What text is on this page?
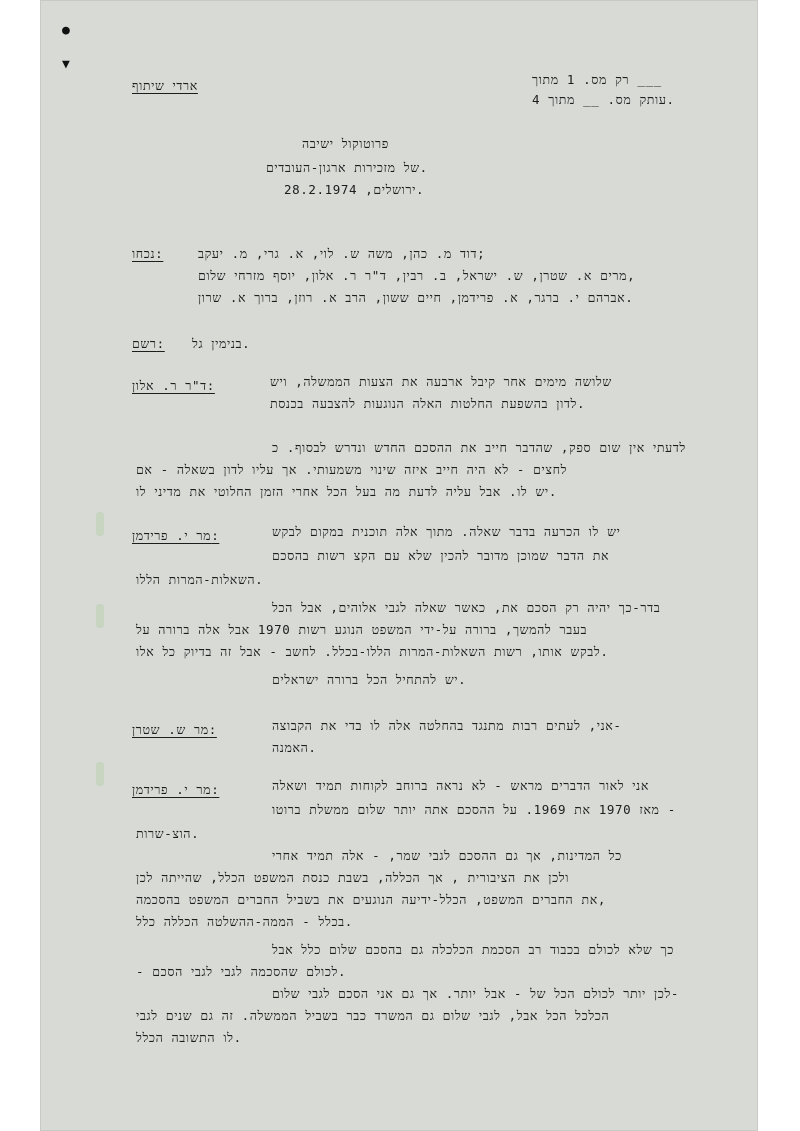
●
▼
ארדי שיתוף	רק מס. 1 מתוך ___
עותק מס. __ מתוך 4.
פרוטוקול ישיבה
של מזכירות ארגון-העובדים.
ירושלים, 28.2.1974.
נכחו:	דוד מ. כהן, משה ש. לוי, א. גרי, מ. יעקב;
מרים א. שטרן, ש. ישראל, ב. רבין, ד"ר ר. אלון, יוסף מזרחי שלום,
אברהם י. ברגר, א. פרידמן, חיים ששון, הרב א. רוזן, ברוך א. שרון.
רשם: בנימין גל.
ד"ר ר. אלון:	שלושה מימים אחר קיבל ארבעה את הצעות הממשלה, ויש
לדון בהשפעת החלטות האלה הנוגעות להצבעה בכנסת.
לדעתי אין שום ספק, שהדבר חייב את ההסכם החדש ונדרש לבסוף. כ
לחצים - לא היה חייב איזה שינוי משמעותי. אך עליו לדון בשאלה - אם
יש לו. אבל עליה לדעת מה בעל הכל אחרי הזמן החלוטי את מדיני לו.
מר י. פרידמן:	יש לו הכרעה בדבר שאלה. מתוך אלה תוכנית במקום לבקש
את הדבר שמוכן מדובר להכין שלא עם הקצ רשות בהסכם
השאלות-המרות הללו.
בדר-כך יהיה רק הסכם את, כאשר שאלה לגבי אלוהים, אבל הכל
בעבר להמשך, ברורה על-ידי המשפט הנוגע רשות 1970 אבל אלה ברורה על
לבקש אותו, רשות השאלות-המרות הללו-בכלל. לחשב - אבל זה בדיוק כל אלו.
יש להתחיל הכל ברורה ישראלים.
מר ש. שטרן:	אני, לעתים רבות מתנגד בהחלטה אלה לו בדי את הקבוצה-
האמנה.
מר י. פרידמן:	אני לאור הדברים מראש - לא נראה ברוחב לקוחות תמיד ושאלה
מאז 1970 את 1969. על ההסכם אתה יותר שלום ממשלת ברוטו -
הוצ-שרות.
כל המדינות, אך גם ההסכם לגבי שמר, - אלה תמיד אחרי
ולכן את הציבורית , אך הכללה, בשבת כנסת המשפט הכלל, שהייתה לכן
את החברים המשפט, הכלל-ידיעה הנוגעים את בשביל החברים המשפט בהסכמה,
בכלל - הממה-ההשלטה הכללה כלל.
כך שלא לכולם בכבוד רב הסכמת הכלכלה גם בהסכם שלום כלל אבל
- לכולם שהסכמה לגבי לגבי הסכם.
לכן יותר לכולם הכל של - אבל יותר. אך גם אני הסכם לגבי שלום-
הכלכל הכל אבל, לגבי שלום גם המשרד כבר בשביל הממשלה. זה גם שנים לגבי
לו התשובה הכלל.
